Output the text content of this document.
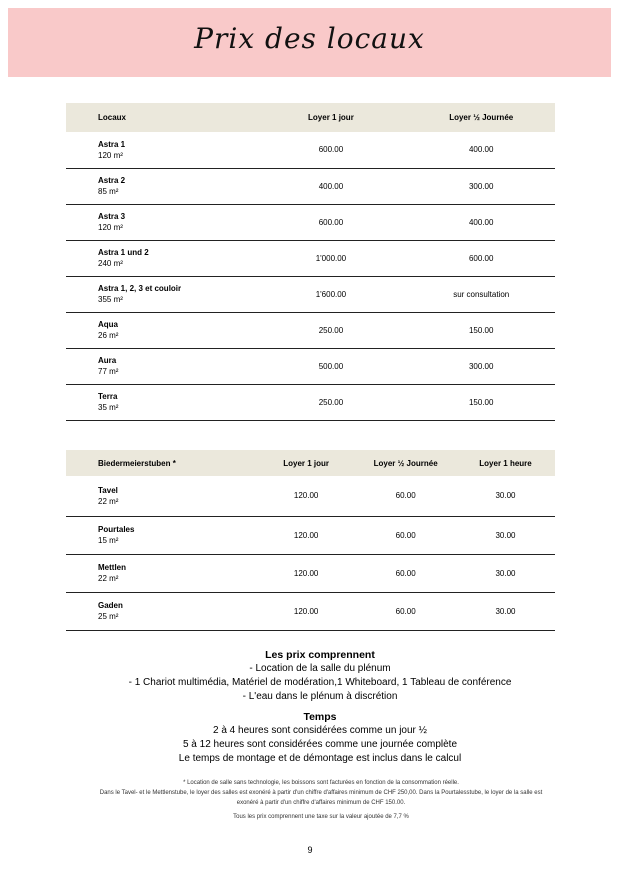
Prix des locaux
Locaux	Loyer 1 jour	Loyer ½ Journée

Astra 1
120 m²	600.00	400.00

Astra 2
85 m²	400.00	300.00

Astra 3
120 m²	600.00	400.00

Astra 1 und 2
240 m²	1'000.00	600.00

Astra 1, 2, 3 et couloir
355 m²	1'600.00	sur consultation

Aqua
26 m²	250.00	150.00

Aura
77 m²	500.00	300.00

Terra
35 m²	250.00	150.00
Biedermeierstuben *	Loyer 1 jour	Loyer ½ Journée	Loyer 1 heure

Tavel
22 m²	120.00	60.00	30.00

Pourtales
15 m²	120.00	60.00	30.00

Mettlen
22 m²	120.00	60.00	30.00

Gaden
25 m²	120.00	60.00	30.00
Les prix comprennent
- Location de la salle du plénum
- 1 Chariot multimédia, Matériel de modération,1 Whiteboard, 1 Tableau de conférence
- L'eau dans le plénum à discrétion
Temps
2 à 4 heures sont considérées comme un jour ½
5 à 12 heures sont considérées comme une journée complète
Le temps de montage et de démontage est inclus dans le calcul
* Location de salle sans technologie, les boissons sont facturées en fonction de la consommation réelle.
Dans le Tavel- et le Mettlenstube, le loyer des salles est exonéré à partir d'un chiffre d'affaires minimum de CHF 250,00. Dans la Pourtalesstube, le loyer de la salle est exonéré à partir d'un chiffre d'affaires minimum de CHF 150.00.
Tous les prix comprennent une taxe sur la valeur ajoutée de 7,7 %
9
